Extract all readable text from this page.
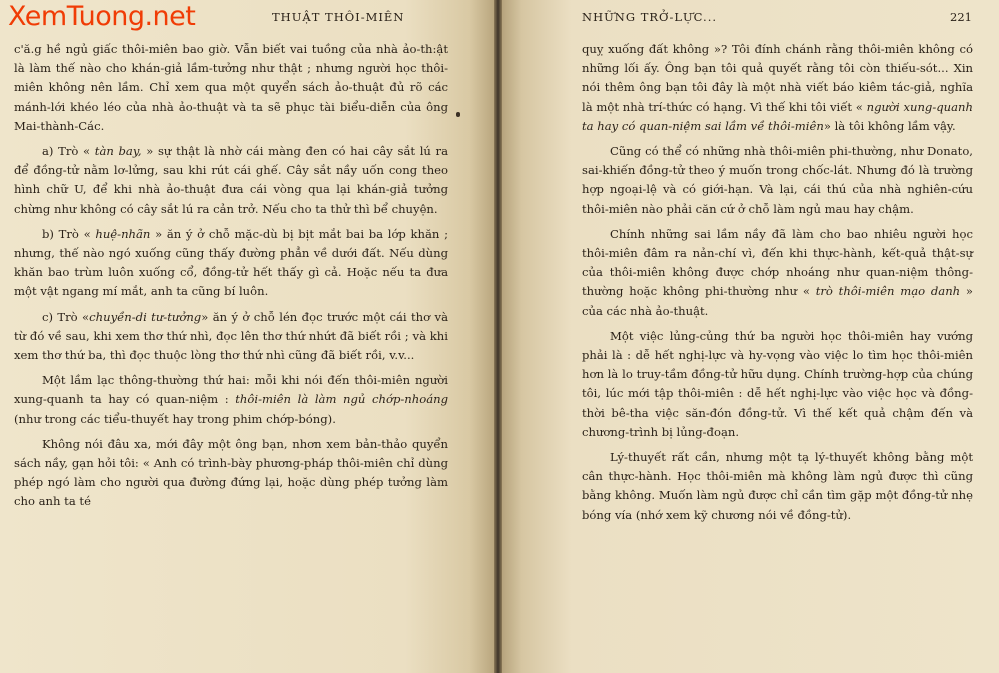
XemTuong.net	THUẬT THÔI-MIÊN

c'ă.g hề ngủ giấc thôi-miên bao giờ. Vẫn biết vai tuồng của nhà ảo-th:ật là làm thế nào cho khán-giả lầm-tưởng như thật ; nhưng người học thôi-miên không nên lầm. Chỉ xem qua một quyển sách ảo-thuật đủ rõ các mánh-lới khéo léo của nhà ảo-thuật và ta sẽ phục tài biểu-diễn của ông Mai-thành-Các.

a) Trò « tàn bay, » sự thật là nhờ cái màng đen có hai cây sắt lú ra để đồng-tử nằm lơ-lửng, sau khi rút cái ghế. Cây sắt nầy uốn cong theo hình chữ U, để khi nhà ảo-thuật đưa cái vòng qua lại khán-giả tưởng chừng như không có cây sắt lú ra cản trở. Nếu cho ta thử thì bể chuyện.

b) Trò « huệ-nhãn » ăn ý ở chỗ mặc-dù bị bịt mắt bai ba lớp khăn ; nhưng, thế nào ngó xuống cũng thấy đường phẳn về dưới đất. Nếu dùng khăn bao trùm luôn xuống cổ, đồng-tử hết thấy gì cả. Hoặc nếu ta đưa một vật ngang mí mắt, anh ta cũng bí luôn.

c) Trò «chuyền-di tư-tưởng» ăn ý ở chỗ lén đọc trước một cái thơ và từ đó về sau, khi xem thơ thứ nhì, đọc lên thơ thứ nhứt đã biết rồi ; và khi xem thơ thứ ba, thì đọc thuộc lòng thơ thứ nhì cũng đã biết rồi, v.v...

Một lầm lạc thông-thường thứ hai: mỗi khi nói đến thôi-miên người xung-quanh ta hay có quan-niệm : thôi-miên là làm ngủ chớp-nhoáng (như trong các tiểu-thuyết hay trong phim chớp-bóng).

Không nói đâu xa, mới đây một ông bạn, nhơn xem bản-thảo quyển sách nầy, gạn hỏi tôi: « Anh có trình-bày phương-pháp thôi-miên chỉ dùng phép ngó làm cho người qua đường đứng lại, hoặc dùng phép tưởng làm cho anh ta té

NHỮNG TRỞ-LỰC...	221

quỵ xuống đất không »? Tôi đính chánh rằng thôi-miên không có những lối ấy. Ông bạn tôi quả quyết rằng tôi còn thiếu-sót... Xin nói thêm ông bạn tôi đây là một nhà viết báo kiêm tác-giả, nghĩa là một nhà trí-thức có hạng. Vì thế khi tôi viết « người xung-quanh ta hay có quan-niệm sai lầm về thôi-miên» là tôi không lầm vậy.

Cũng có thể có những nhà thôi-miên phi-thường, như Donato, sai-khiến đồng-tử theo ý muốn trong chốc-lát. Nhưng đó là trường hợp ngoại-lệ và có giới-hạn. Và lại, cái thú của nhà nghiên-cứu thôi-miên nào phải căn cứ ở chỗ làm ngủ mau hay chậm.

Chính những sai lầm nầy đã làm cho bao nhiêu người học thôi-miên đâm ra nản-chí vì, đến khi thực-hành, kết-quả thật-sự của thôi-miên không được chớp nhoáng như quan-niệm thông-thường hoặc không phi-thường như « trò thôi-miên mạo danh » của các nhà ảo-thuật.

Một việc lủng-củng thứ ba người học thôi-miên hay vướng phải là : dễ hết nghị-lực và hy-vọng vào việc lo tìm học thôi-miên hơn là lo truy-tầm đồng-tử hữu dụng. Chính trường-hợp của chúng tôi, lúc mới tập thôi-miên : dễ hết nghị-lực vào việc học và đồng-thời bê-tha việc săn-đón đồng-tử. Vì thế kết quả chậm đến và chương-trình bị lủng-đoạn.

Lý-thuyết rất cần, nhưng một tạ lý-thuyết không bằng một cân thực-hành. Học thôi-miên mà không làm ngủ được thì cũng bằng không. Muốn làm ngủ được chỉ cần tìm gặp một đồng-tử nhẹ bóng vía (nhớ xem kỹ chương nói về đồng-tử).
